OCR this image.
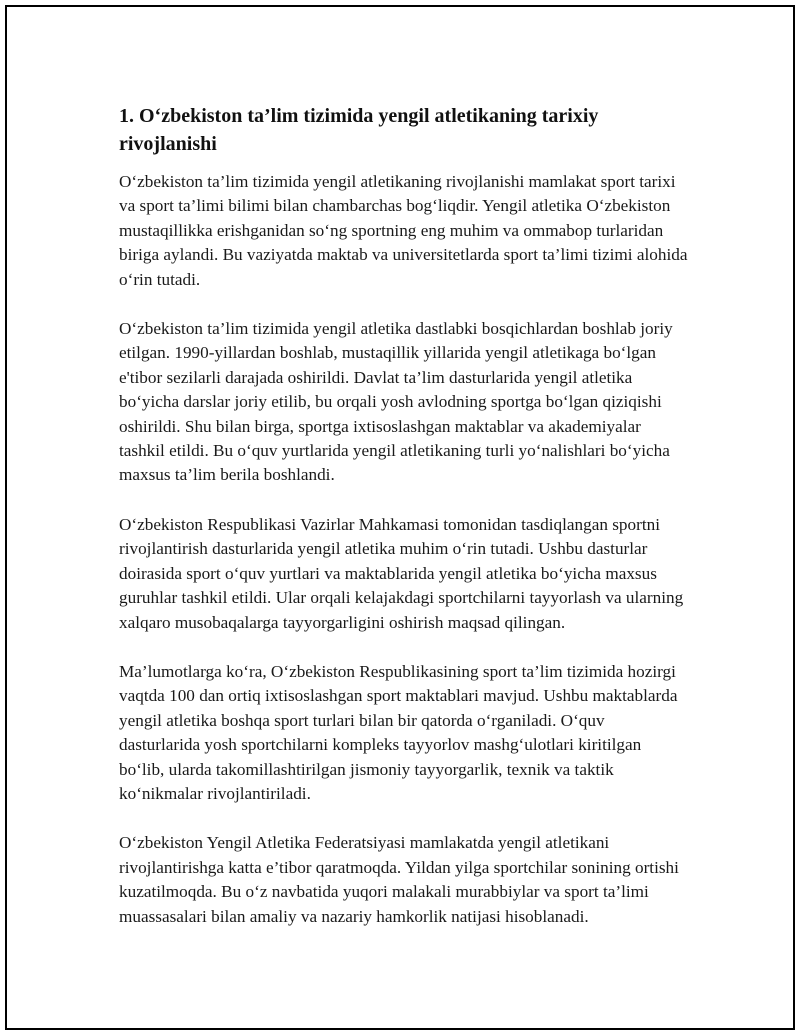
1. O‘zbekiston ta’lim tizimida yengil atletikaning tarixiy rivojlanishi

O‘zbekiston ta’lim tizimida yengil atletikaning rivojlanishi mamlakat sport tarixi va sport ta’limi bilimi bilan chambarchas bog‘liqdir. Yengil atletika O‘zbekiston mustaqillikka erishganidan so‘ng sportning eng muhim va ommabop turlaridan biriga aylandi. Bu vaziyatda maktab va universitetlarda sport ta’limi tizimi alohida o‘rin tutadi.

O‘zbekiston ta’lim tizimida yengil atletika dastlabki bosqichlardan boshlab joriy etilgan. 1990-yillardan boshlab, mustaqillik yillarida yengil atletikaga bo‘lgan e'tibor sezilarli darajada oshirildi. Davlat ta’lim dasturlarida yengil atletika bo‘yicha darslar joriy etilib, bu orqali yosh avlodning sportga bo‘lgan qiziqishi oshirildi. Shu bilan birga, sportga ixtisoslashgan maktablar va akademiyalar tashkil etildi. Bu o‘quv yurtlarida yengil atletikaning turli yo‘nalishlari bo‘yicha maxsus ta’lim berila boshlandi.

O‘zbekiston Respublikasi Vazirlar Mahkamasi tomonidan tasdiqlangan sportni rivojlantirish dasturlarida yengil atletika muhim o‘rin tutadi. Ushbu dasturlar doirasida sport o‘quv yurtlari va maktablarida yengil atletika bo‘yicha maxsus guruhlar tashkil etildi. Ular orqali kelajakdagi sportchilarni tayyorlash va ularning xalqaro musobaqalarga tayyorgarligini oshirish maqsad qilingan.

Ma’lumotlarga ko‘ra, O‘zbekiston Respublikasining sport ta’lim tizimida hozirgi vaqtda 100 dan ortiq ixtisoslashgan sport maktablari mavjud. Ushbu maktablarda yengil atletika boshqa sport turlari bilan bir qatorda o‘rganiladi. O‘quv dasturlarida yosh sportchilarni kompleks tayyorlov mashg‘ulotlari kiritilgan bo‘lib, ularda takomillashtirilgan jismoniy tayyorgarlik, texnik va taktik ko‘nikmalar rivojlantiriladi.

O‘zbekiston Yengil Atletika Federatsiyasi mamlakatda yengil atletikani rivojlantirishga katta e’tibor qaratmoqda. Yildan yilga sportchilar sonining ortishi kuzatilmoqda. Bu o‘z navbatida yuqori malakali murabbiylar va sport ta’limi muassasalari bilan amaliy va nazariy hamkorlik natijasi hisoblanadi.
